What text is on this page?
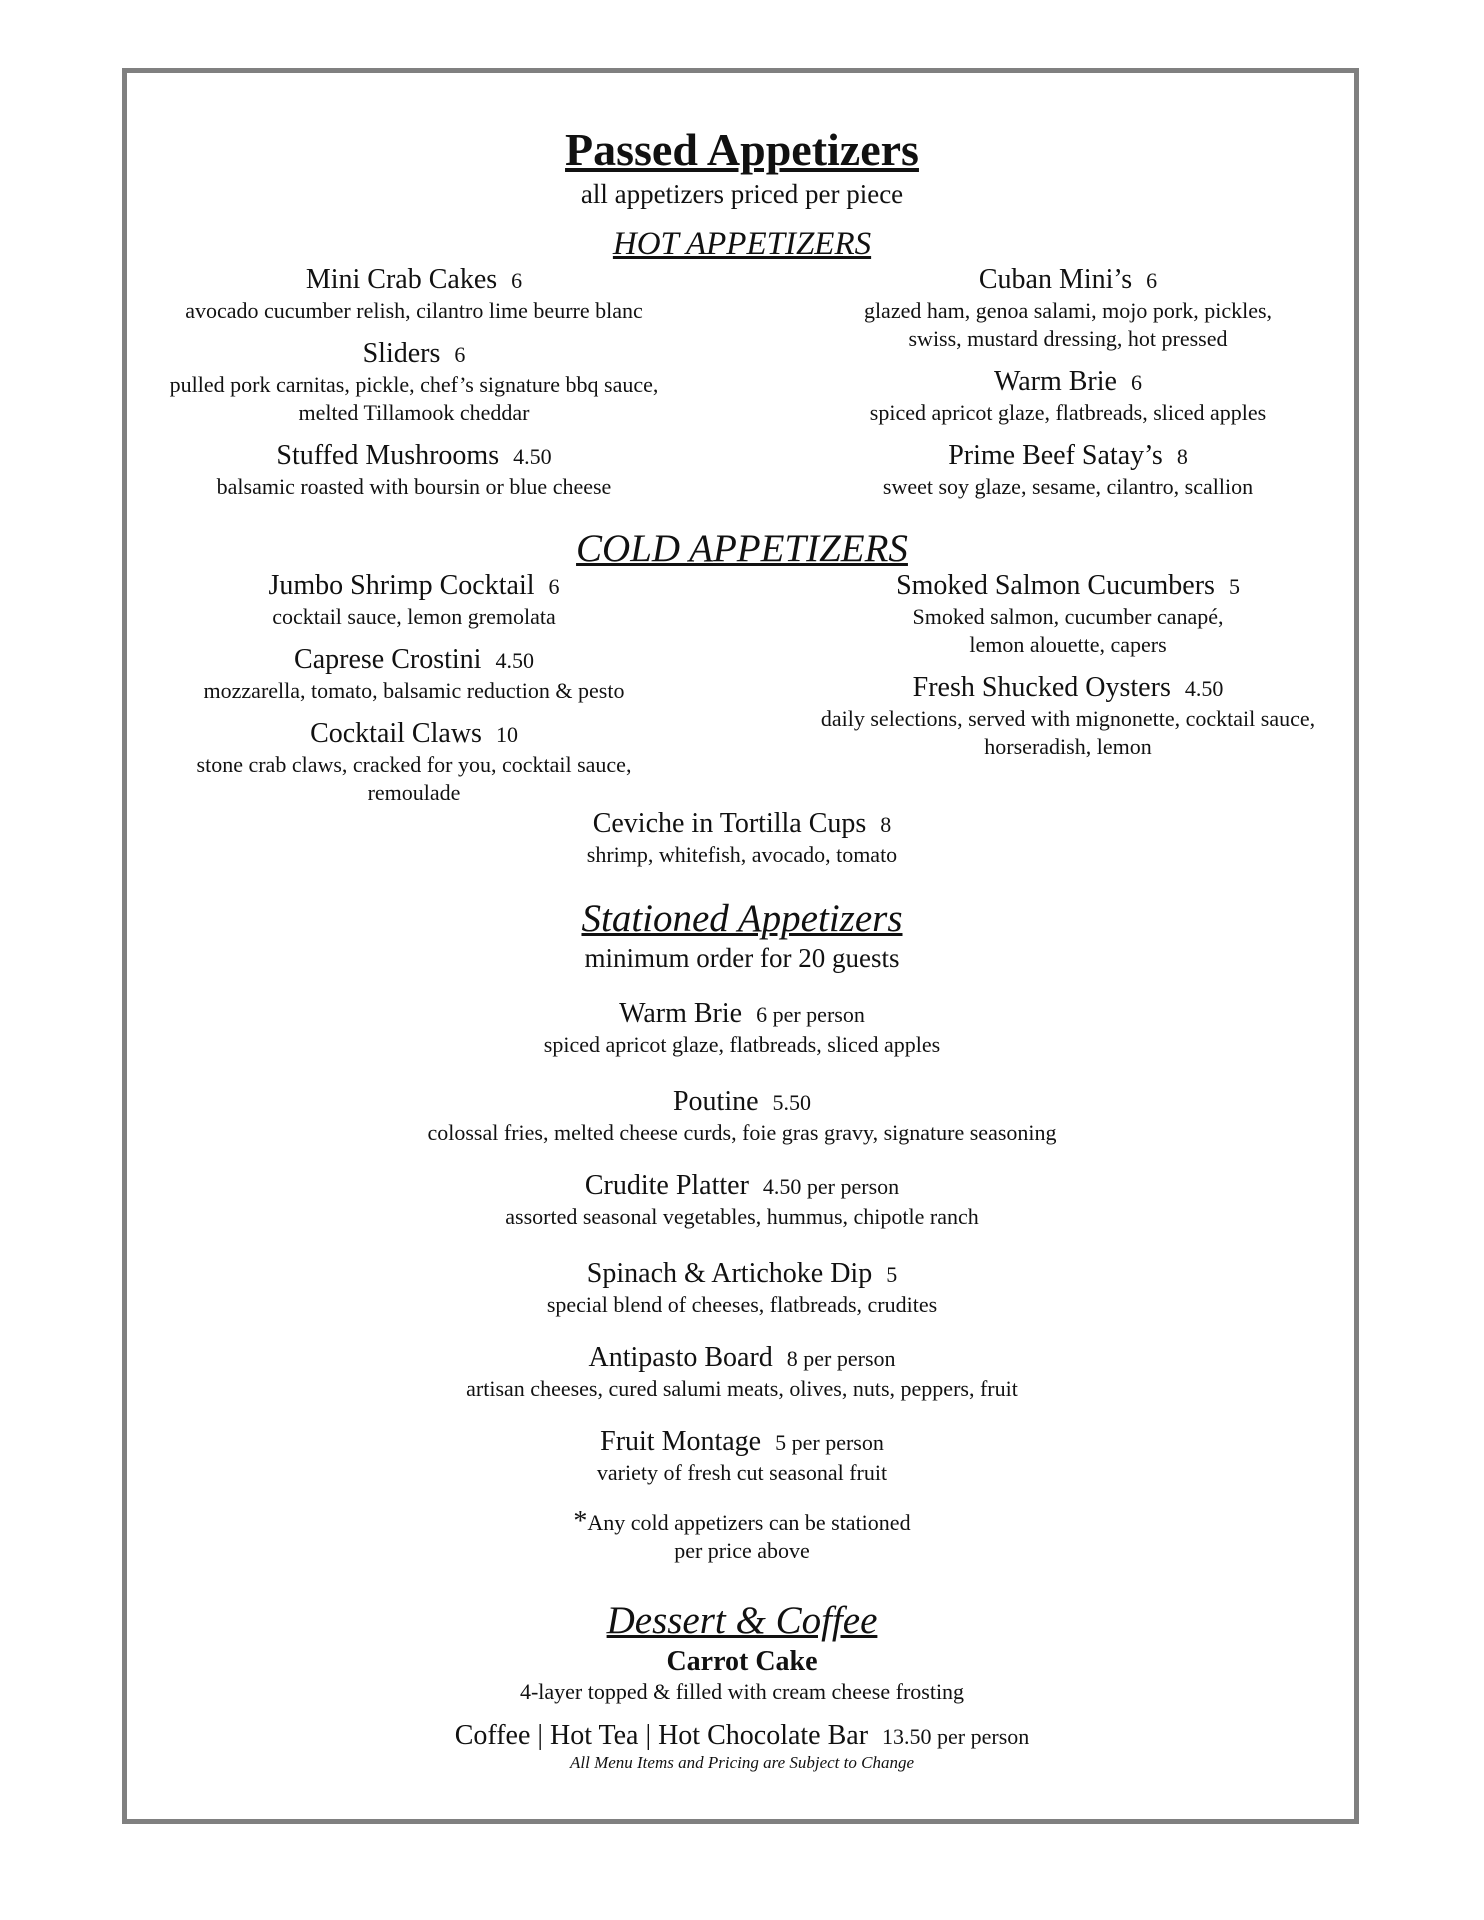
Passed Appetizers
all appetizers priced per piece
HOT APPETIZERS
Mini Crab Cakes 6
avocado cucumber relish, cilantro lime beurre blanc
Sliders 6
pulled pork carnitas, pickle, chef’s signature bbq sauce,
melted Tillamook cheddar
Stuffed Mushrooms 4.50
balsamic roasted with boursin or blue cheese
Cuban Mini’s 6
glazed ham, genoa salami, mojo pork, pickles,
swiss, mustard dressing, hot pressed
Warm Brie 6
spiced apricot glaze, flatbreads, sliced apples
Prime Beef Satay’s 8
sweet soy glaze, sesame, cilantro, scallion
COLD APPETIZERS
Jumbo Shrimp Cocktail 6
cocktail sauce, lemon gremolata
Caprese Crostini 4.50
mozzarella, tomato, balsamic reduction & pesto
Cocktail Claws 10
stone crab claws, cracked for you, cocktail sauce,
remoulade
Smoked Salmon Cucumbers 5
Smoked salmon, cucumber canapé,
lemon alouette, capers
Fresh Shucked Oysters 4.50
daily selections, served with mignonette, cocktail sauce,
horseradish, lemon
Ceviche in Tortilla Cups 8
shrimp, whitefish, avocado, tomato
Stationed Appetizers
minimum order for 20 guests
Warm Brie 6 per person
spiced apricot glaze, flatbreads, sliced apples
Poutine 5.50
colossal fries, melted cheese curds, foie gras gravy, signature seasoning
Crudite Platter 4.50 per person
assorted seasonal vegetables, hummus, chipotle ranch
Spinach & Artichoke Dip 5
special blend of cheeses, flatbreads, crudites
Antipasto Board 8 per person
artisan cheeses, cured salumi meats, olives, nuts, peppers, fruit
Fruit Montage 5 per person
variety of fresh cut seasonal fruit
*Any cold appetizers can be stationed
per price above
Dessert & Coffee
Carrot Cake
4-layer topped & filled with cream cheese frosting
Coffee | Hot Tea | Hot Chocolate Bar 13.50 per person
All Menu Items and Pricing are Subject to Change
